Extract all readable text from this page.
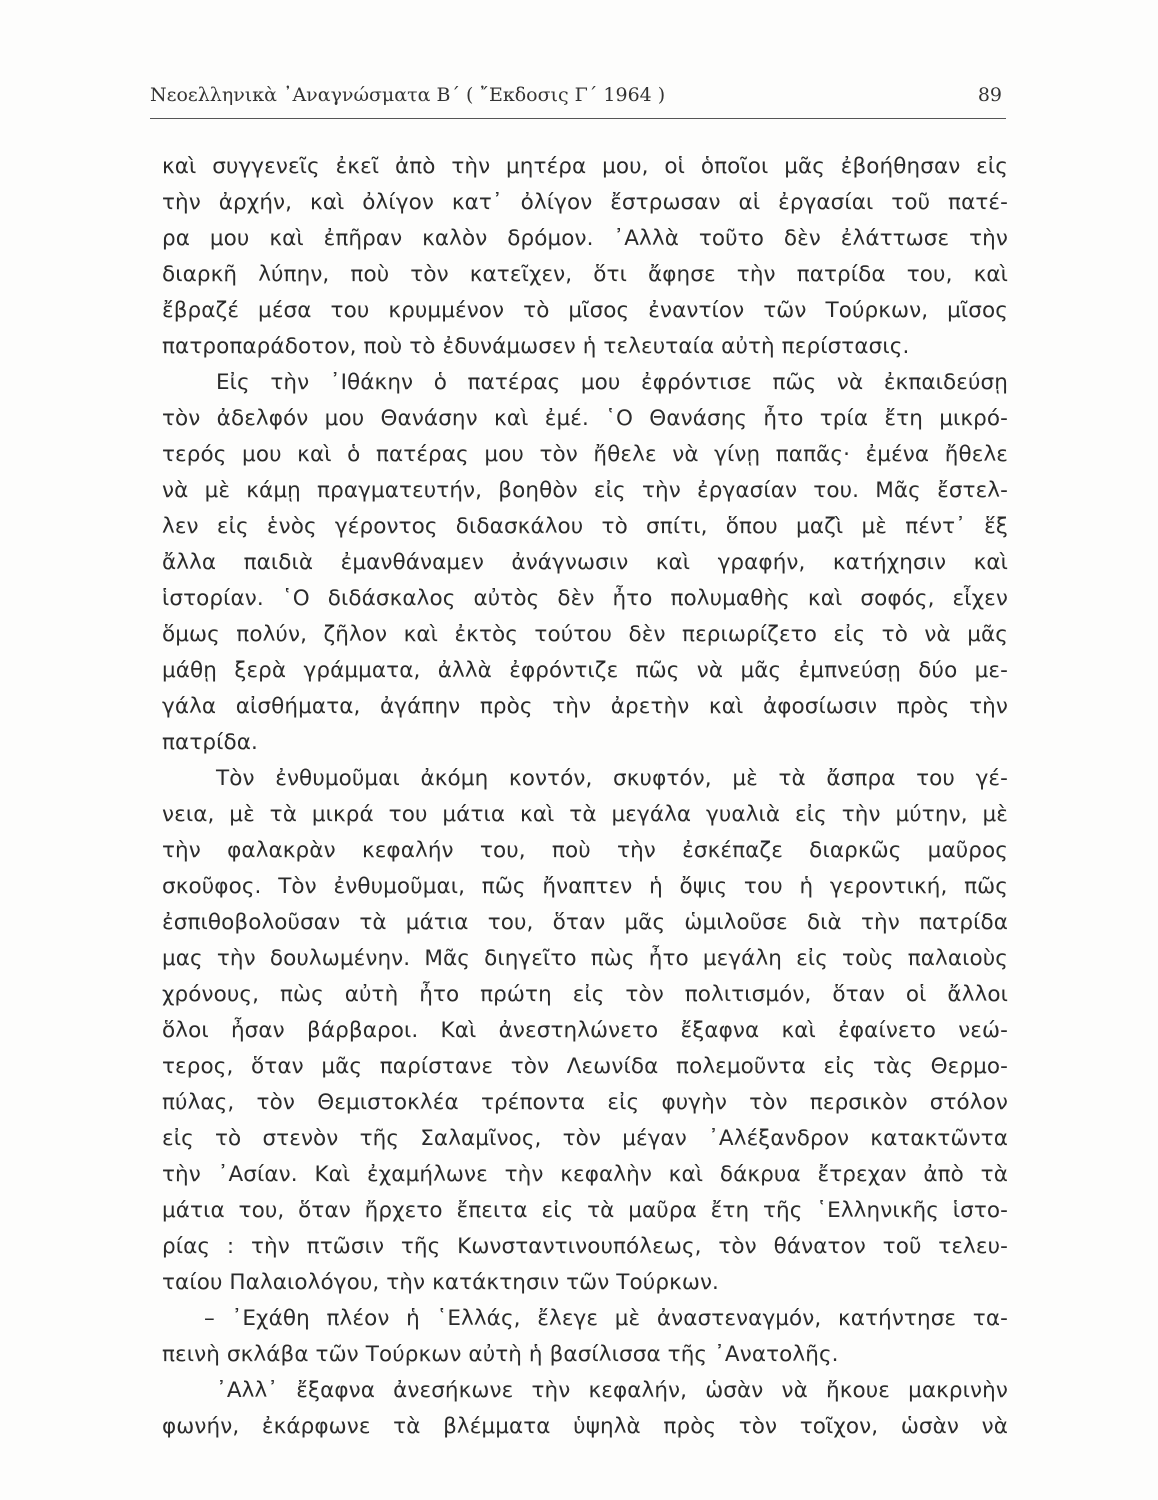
Νεοελληνικὰ ᾿Αναγνώσματα Β΄ ( ῎Εκδοσις Γ΄ 1964 )	89
καὶ συγγενεῖς ἐκεῖ ἀπὸ τὴν μητέρα μου, οἱ ὁποῖοι μᾶς ἐβοήθησαν εἰς
τὴν ἀρχήν, καὶ ὀλίγον κατ᾽ ὀλίγον ἔστρωσαν αἱ ἐργασίαι τοῦ πατέ-
ρα μου καὶ ἐπῆραν καλὸν δρόμον. ᾿Αλλὰ τοῦτο δὲν ἐλάττωσε τὴν
διαρκῆ λύπην, ποὺ τὸν κατεῖχεν, ὅτι ἄφησε τὴν πατρίδα του, καὶ
ἔβραζέ μέσα του κρυμμένον τὸ μῖσος ἐναντίον τῶν Τούρκων, μῖσος
πατροπαράδοτον, ποὺ τὸ ἐδυνάμωσεν ἡ τελευταία αὐτὴ περίστασις.
Εἰς τὴν ᾿Ιθάκην ὁ πατέρας μου ἐφρόντισε πῶς νὰ ἐκπαιδεύσῃ
τὸν ἀδελφόν μου Θανάσην καὶ ἐμέ. ῾Ο Θανάσης ἦτο τρία ἔτη μικρό-
τερός μου καὶ ὁ πατέρας μου τὸν ἤθελε νὰ γίνῃ παπᾶς· ἐμένα ἤθελε
νὰ μὲ κάμῃ πραγματευτήν, βοηθὸν εἰς τὴν ἐργασίαν του. Μᾶς ἔστελ-
λεν εἰς ἑνὸς γέροντος διδασκάλου τὸ σπίτι, ὅπου μαζὶ μὲ πέντ᾽ ἕξ
ἄλλα παιδιὰ ἐμανθάναμεν ἀνάγνωσιν καὶ γραφήν, κατήχησιν καὶ
ἱστορίαν. ῾Ο διδάσκαλος αὐτὸς δὲν ἦτο πολυμαθὴς καὶ σοφός, εἶχεν
ὅμως πολύν, ζῆλον καὶ ἐκτὸς τούτου δὲν περιωρίζετο εἰς τὸ νὰ μᾶς
μάθῃ ξερὰ γράμματα, ἀλλὰ ἐφρόντιζε πῶς νὰ μᾶς ἐμπνεύσῃ δύο με-
γάλα αἰσθήματα, ἀγάπην πρὸς τὴν ἀρετὴν καὶ ἀφοσίωσιν πρὸς τὴν
πατρίδα.
Τὸν ἐνθυμοῦμαι ἀκόμη κοντόν, σκυφτόν, μὲ τὰ ἄσπρα του γέ-
νεια, μὲ τὰ μικρά του μάτια καὶ τὰ μεγάλα γυαλιὰ εἰς τὴν μύτην, μὲ
τὴν φαλακρὰν κεφαλήν του, ποὺ τὴν ἐσκέπαζε διαρκῶς μαῦρος
σκοῦφος. Τὸν ἐνθυμοῦμαι, πῶς ἤναπτεν ἡ ὄψις του ἡ γεροντική, πῶς
ἐσπιθοβολοῦσαν τὰ μάτια του, ὅταν μᾶς ὡμιλοῦσε διὰ τὴν πατρίδα
μας τὴν δουλωμένην. Μᾶς διηγεῖτο πὼς ἦτο μεγάλη εἰς τοὺς παλαιοὺς
χρόνους, πὼς αὐτὴ ἦτο πρώτη εἰς τὸν πολιτισμόν, ὅταν οἱ ἄλλοι
ὅλοι ἦσαν βάρβαροι. Καὶ ἀνεστηλώνετο ἔξαφνα καὶ ἐφαίνετο νεώ-
τερος, ὅταν μᾶς παρίστανε τὸν Λεωνίδα πολεμοῦντα εἰς τὰς Θερμο-
πύλας, τὸν Θεμιστοκλέα τρέποντα εἰς φυγὴν τὸν περσικὸν στόλον
εἰς τὸ στενὸν τῆς Σαλαμῖνος, τὸν μέγαν ᾿Αλέξανδρον κατακτῶντα
τὴν ᾿Ασίαν. Καὶ ἐχαμήλωνε τὴν κεφαλὴν καὶ δάκρυα ἔτρεχαν ἀπὸ τὰ
μάτια του, ὅταν ἤρχετο ἔπειτα εἰς τὰ μαῦρα ἔτη τῆς ῾Ελληνικῆς ἱστο-
ρίας : τὴν πτῶσιν τῆς Κωνσταντινουπόλεως, τὸν θάνατον τοῦ τελευ-
ταίου Παλαιολόγου, τὴν κατάκτησιν τῶν Τούρκων.
– ᾿Εχάθη πλέον ἡ ῾Ελλάς, ἔλεγε μὲ ἀναστεναγμόν, κατήντησε τα-
πεινὴ σκλάβα τῶν Τούρκων αὐτὴ ἡ βασίλισσα τῆς ᾿Ανατολῆς.
᾿Αλλ᾽ ἔξαφνα ἀνεσήκωνε τὴν κεφαλήν, ὡσὰν νὰ ἤκουε μακρινὴν
φωνήν, ἐκάρφωνε τὰ βλέμματα ὑψηλὰ πρὸς τὸν τοῖχον, ὡσὰν νὰ
